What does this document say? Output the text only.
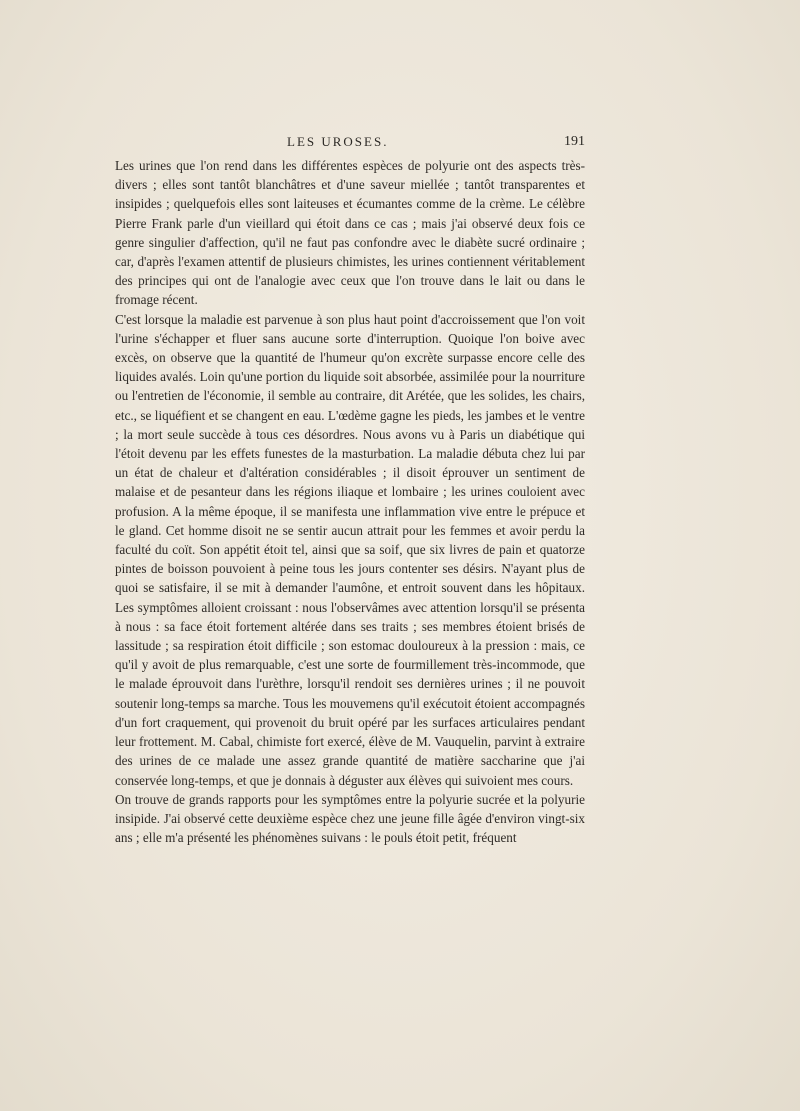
LES UROSES.	191

Les urines que l'on rend dans les différentes espèces de polyurie ont des aspects très-divers ; elles sont tantôt blanchâtres et d'une saveur miellée ; tantôt transparentes et insipides ; quelquefois elles sont laiteuses et écumantes comme de la crème. Le célèbre Pierre Frank parle d'un vieillard qui étoit dans ce cas ; mais j'ai observé deux fois ce genre singulier d'affection, qu'il ne faut pas confondre avec le diabète sucré ordinaire ; car, d'après l'examen attentif de plusieurs chimistes, les urines contiennent véritablement des principes qui ont de l'analogie avec ceux que l'on trouve dans le lait ou dans le fromage récent.

C'est lorsque la maladie est parvenue à son plus haut point d'accroissement que l'on voit l'urine s'échapper et fluer sans aucune sorte d'interruption. Quoique l'on boive avec excès, on observe que la quantité de l'humeur qu'on excrète surpasse encore celle des liquides avalés. Loin qu'une portion du liquide soit absorbée, assimilée pour la nourriture ou l'entretien de l'économie, il semble au contraire, dit Arétée, que les solides, les chairs, etc., se liquéfient et se changent en eau. L'œdème gagne les pieds, les jambes et le ventre ; la mort seule succède à tous ces désordres. Nous avons vu à Paris un diabétique qui l'étoit devenu par les effets funestes de la masturbation. La maladie débuta chez lui par un état de chaleur et d'altération considérables ; il disoit éprouver un sentiment de malaise et de pesanteur dans les régions iliaque et lombaire ; les urines couloient avec profusion. A la même époque, il se manifesta une inflammation vive entre le prépuce et le gland. Cet homme disoit ne se sentir aucun attrait pour les femmes et avoir perdu la faculté du coït. Son appétit étoit tel, ainsi que sa soif, que six livres de pain et quatorze pintes de boisson pouvoient à peine tous les jours contenter ses désirs. N'ayant plus de quoi se satisfaire, il se mit à demander l'aumône, et entroit souvent dans les hôpitaux. Les symptômes alloient croissant : nous l'observâmes avec attention lorsqu'il se présenta à nous : sa face étoit fortement altérée dans ses traits ; ses membres étoient brisés de lassitude ; sa respiration étoit difficile ; son estomac douloureux à la pression : mais, ce qu'il y avoit de plus remarquable, c'est une sorte de fourmillement très-incommode, que le malade éprouvoit dans l'urèthre, lorsqu'il rendoit ses dernières urines ; il ne pouvoit soutenir long-temps sa marche. Tous les mouvemens qu'il exécutoit étoient accompagnés d'un fort craquement, qui provenoit du bruit opéré par les surfaces articulaires pendant leur frottement. M. Cabal, chimiste fort exercé, élève de M. Vauquelin, parvint à extraire des urines de ce malade une assez grande quantité de matière saccharine que j'ai conservée long-temps, et que je donnais à déguster aux élèves qui suivoient mes cours.

On trouve de grands rapports pour les symptômes entre la polyurie sucrée et la polyurie insipide. J'ai observé cette deuxième espèce chez une jeune fille âgée d'environ vingt-six ans ; elle m'a présenté les phénomènes suivans : le pouls étoit petit, fréquent
